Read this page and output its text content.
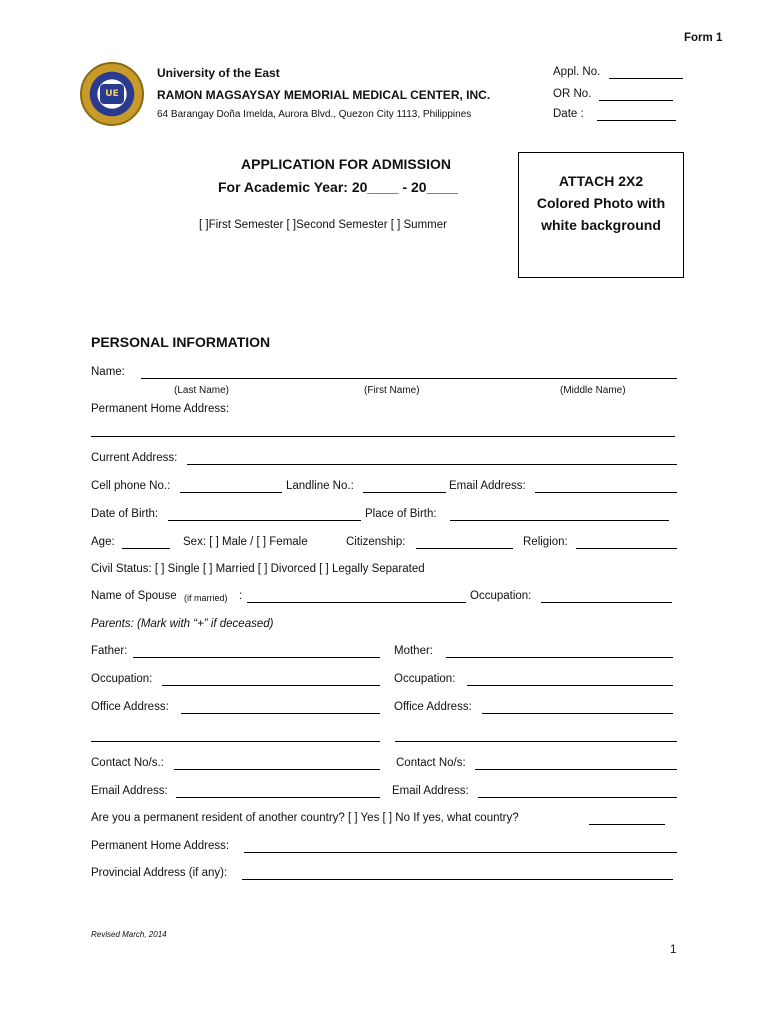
Form 1
UE
University of the East
RAMON MAGSAYSAY MEMORIAL MEDICAL CENTER, INC.
64 Barangay Doña Imelda, Aurora Blvd., Quezon City 1113, Philippines
Appl. No.
OR No.
Date :
APPLICATION FOR ADMISSION
For Academic Year: 20____ - 20____
[ ]First Semester [ ]Second Semester [ ] Summer
ATTACH 2X2
Colored Photo with
white background
PERSONAL INFORMATION
Name:
(Last Name)	(First Name)	(Middle Name)
Permanent Home Address:
Current Address:
Cell phone No.:	Landline No.:	Email Address:
Date of Birth:	Place of Birth:
Age:	Sex: [ ] Male / [ ] Female	Citizenship:	Religion:
Civil Status: [ ] Single [ ] Married [ ] Divorced [ ] Legally Separated
Name of Spouse (if married) :	Occupation:
Parents: (Mark with “+” if deceased)
Father:	Mother:
Occupation:	Occupation:
Office Address:	Office Address:
Contact No/s.:	Contact No/s:
Email Address:	Email Address:
Are you a permanent resident of another country? [ ] Yes [ ] No If yes, what country?
Permanent Home Address:
Provincial Address (if any):
Revised March, 2014
1
